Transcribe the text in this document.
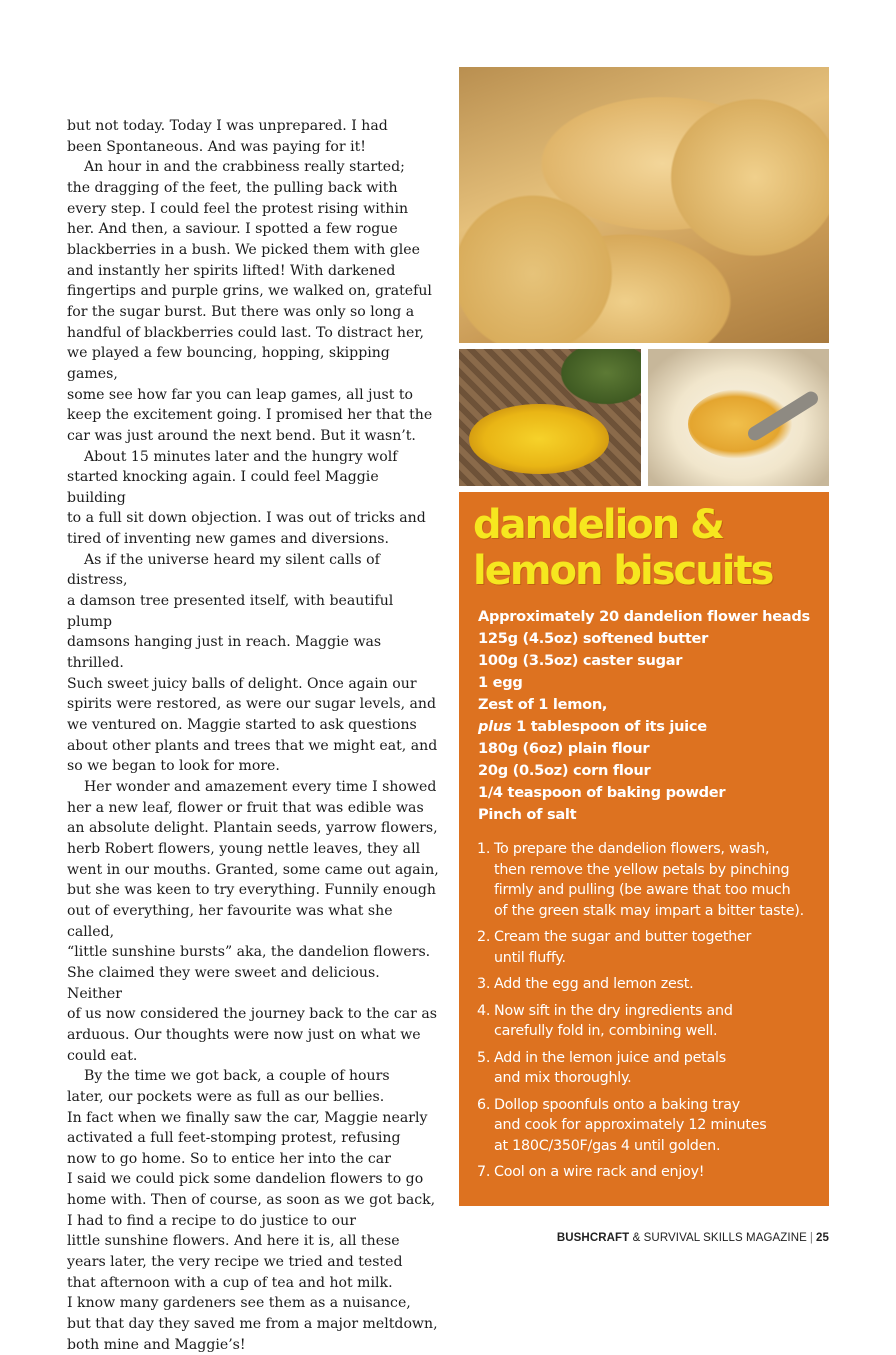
but not today. Today I was unprepared. I had
been Spontaneous. And was paying for it!

An hour in and the crabbiness really started;
the dragging of the feet, the pulling back with
every step. I could feel the protest rising within
her. And then, a saviour. I spotted a few rogue
blackberries in a bush. We picked them with glee
and instantly her spirits lifted! With darkened
fingertips and purple grins, we walked on, grateful
for the sugar burst. But there was only so long a
handful of blackberries could last. To distract her,
we played a few bouncing, hopping, skipping games,
some see how far you can leap games, all just to
keep the excitement going. I promised her that the
car was just around the next bend. But it wasn’t.

About 15 minutes later and the hungry wolf
started knocking again. I could feel Maggie building
to a full sit down objection. I was out of tricks and
tired of inventing new games and diversions.

As if the universe heard my silent calls of distress,
a damson tree presented itself, with beautiful plump
damsons hanging just in reach. Maggie was thrilled.
Such sweet juicy balls of delight. Once again our
spirits were restored, as were our sugar levels, and
we ventured on. Maggie started to ask questions
about other plants and trees that we might eat, and
so we began to look for more.

Her wonder and amazement every time I showed
her a new leaf, flower or fruit that was edible was
an absolute delight. Plantain seeds, yarrow flowers,
herb Robert flowers, young nettle leaves, they all
went in our mouths. Granted, some came out again,
but she was keen to try everything. Funnily enough
out of everything, her favourite was what she called,
“little sunshine bursts” aka, the dandelion flowers.
She claimed they were sweet and delicious. Neither
of us now considered the journey back to the car as
arduous. Our thoughts were now just on what we
could eat.

By the time we got back, a couple of hours
later, our pockets were as full as our bellies.
In fact when we finally saw the car, Maggie nearly
activated a full feet-stomping protest, refusing
now to go home. So to entice her into the car
I said we could pick some dandelion flowers to go
home with. Then of course, as soon as we got back,
I had to find a recipe to do justice to our
little sunshine flowers. And here it is, all these
years later, the very recipe we tried and tested
that afternoon with a cup of tea and hot milk.
I know many gardeners see them as a nuisance,
but that day they saved me from a major meltdown,
both mine and Maggie’s!

dandelion &
lemon biscuits
Approximately 20 dandelion flower heads
125g (4.5oz) softened butter
100g (3.5oz) caster sugar
1 egg
Zest of 1 lemon,
plus 1 tablespoon of its juice
180g (6oz) plain flour
20g (0.5oz) corn flour
1/4 teaspoon of baking powder
Pinch of salt
1. To prepare the dandelion flowers, wash,
then remove the yellow petals by pinching
firmly and pulling (be aware that too much
of the green stalk may impart a bitter taste).
2. Cream the sugar and butter together
until fluffy.
3. Add the egg and lemon zest.
4. Now sift in the dry ingredients and
carefully fold in, combining well.
5. Add in the lemon juice and petals
and mix thoroughly.
6. Dollop spoonfuls onto a baking tray
and cook for approximately 12 minutes
at 180C/350F/gas 4 until golden.
7. Cool on a wire rack and enjoy!
BUSHCRAFT & SURVIVAL SKILLS MAGAZINE | 25
